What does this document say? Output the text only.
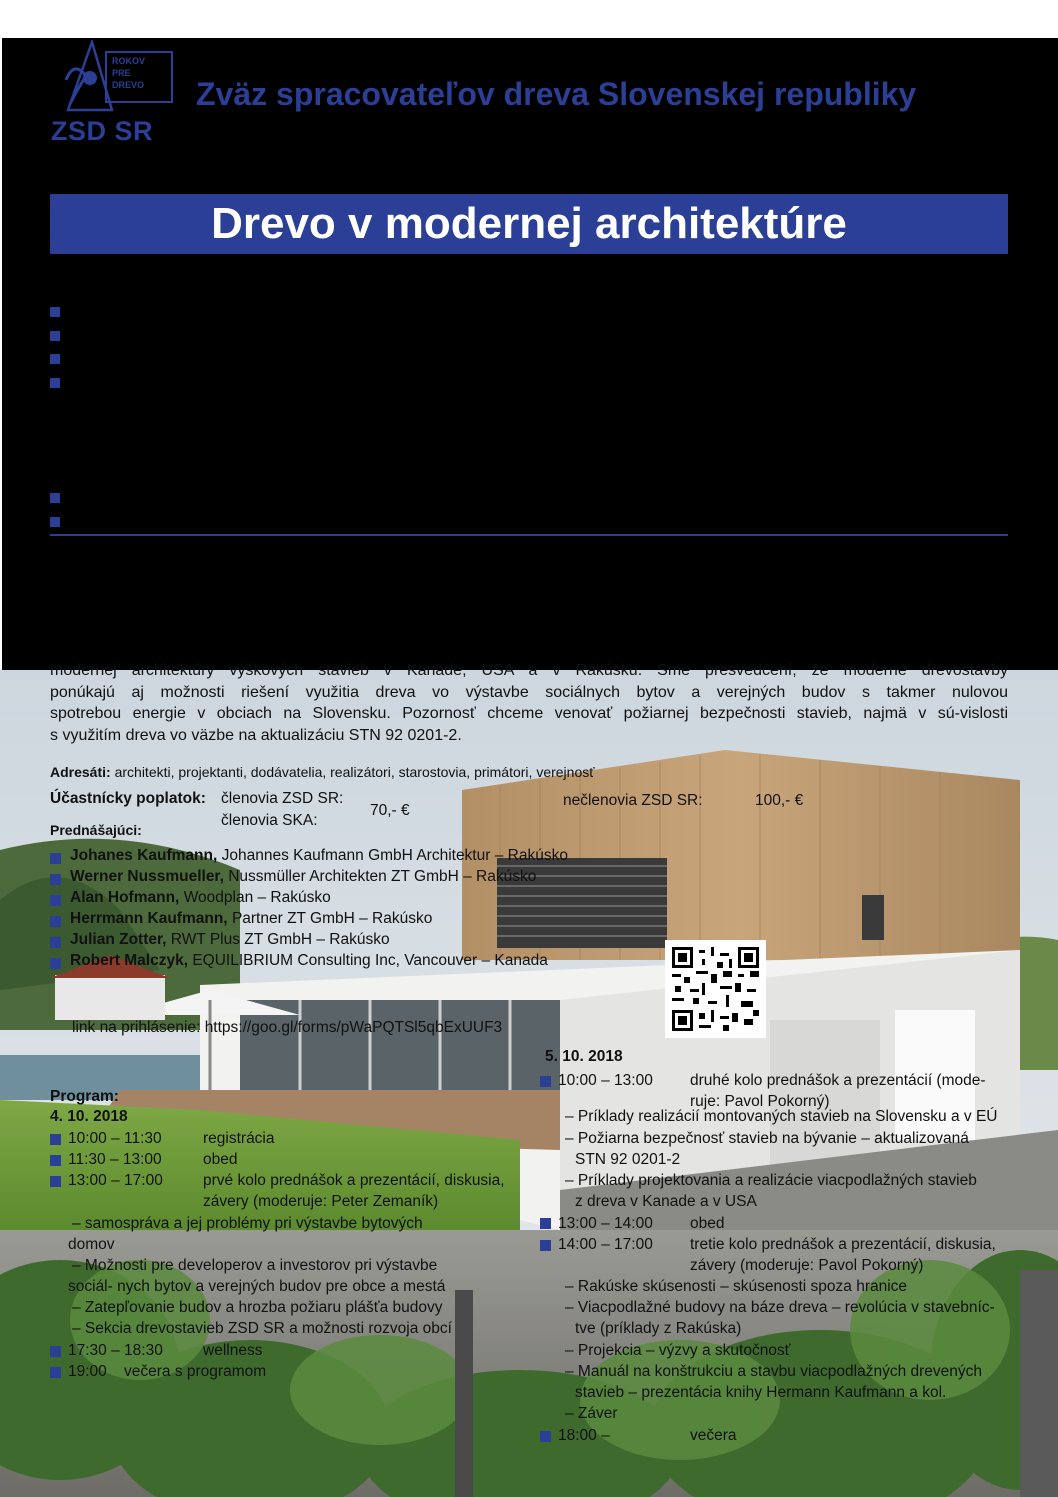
ROKOV
PRE
DREVO
ZSD SR
Zväz spracovateľov dreva Slovenskej republiky
Drevo v modernej architektúre
modernej architektúry výškových stavieb v Kanade, USA a v Rakúsku. Sme presvedčení, že moderné drevostavby
ponúkajú aj možnosti riešení využitia dreva vo výstavbe sociálnych bytov a verejných budov s takmer nulovou
spotrebou energie v obciach na Slovensku. Pozornosť chceme venovať požiarnej bezpečnosti stavieb, najmä v sú-vislosti
s využitím dreva vo väzbe na aktualizáciu STN 92 0201-2.
Adresáti: architekti, projektanti, dodávatelia, realizátori, starostovia, primátori, verejnosť
Účastnícky poplatok: členovia ZSD SR:
členovia SKA:
70,- €
nečlenovia ZSD SR:	100,- €
Prednášajúci:
Johanes Kaufmann, Johannes Kaufmann GmbH Architektur – Rakúsko
Werner Nussmueller, Nussmüller Architekten ZT GmbH – Rakúsko
Alan Hofmann, Woodplan – Rakúsko
Herrmann Kaufmann, Partner ZT GmbH – Rakúsko
Julian Zotter, RWT Plus ZT GmbH – Rakúsko
Robert Malczyk, EQUILIBRIUM Consulting Inc, Vancouver – Kanada
link na prihlásenie: https://goo.gl/forms/pWaPQTSl5qbExUUF3
Program:
4. 10. 2018
10:00 – 11:30	registrácia
11:30 – 13:00	obed
13:00 – 17:00	prvé kolo prednášok a prezentácií, diskusia,
závery (moderuje: Peter Zemaník)
– samospráva a jej problémy pri výstavbe bytových
domov
– Možnosti pre developerov a investorov pri výstavbe
sociál- nych bytov a verejných budov pre obce a mestá
– Zatepľovanie budov a hrozba požiaru plášťa budovy
– Sekcia drevostavieb ZSD SR a možnosti rozvoja obcí
17:30 – 18:30	wellness
19:00 večera s programom
5. 10. 2018
10:00 – 13:00 druhé kolo prednášok a prezentácií (mode-
ruje: Pavol Pokorný)
– Príklady realizácií montovaných stavieb na Slovensku a v EÚ
– Požiarna bezpečnosť stavieb na bývanie – aktualizovaná
STN 92 0201-2
– Príklady projektovania a realizácie viacpodlažných stavieb
z dreva v Kanade a v USA
13:00 – 14:00 obed
14:00 – 17:00 tretie kolo prednášok a prezentácií, diskusia,
závery (moderuje: Pavol Pokorný)
– Rakúske skúsenosti – skúsenosti spoza hranice
– Viacpodlažné budovy na báze dreva – revolúcia v stavebníc-
tve (príklady z Rakúska)
– Projekcia – výzvy a skutočnosť
– Manuál na konštrukciu a stavbu viacpodlažných drevených
stavieb – prezentácia knihy Hermann Kaufmann a kol.
– Záver
18:00 –	večera
